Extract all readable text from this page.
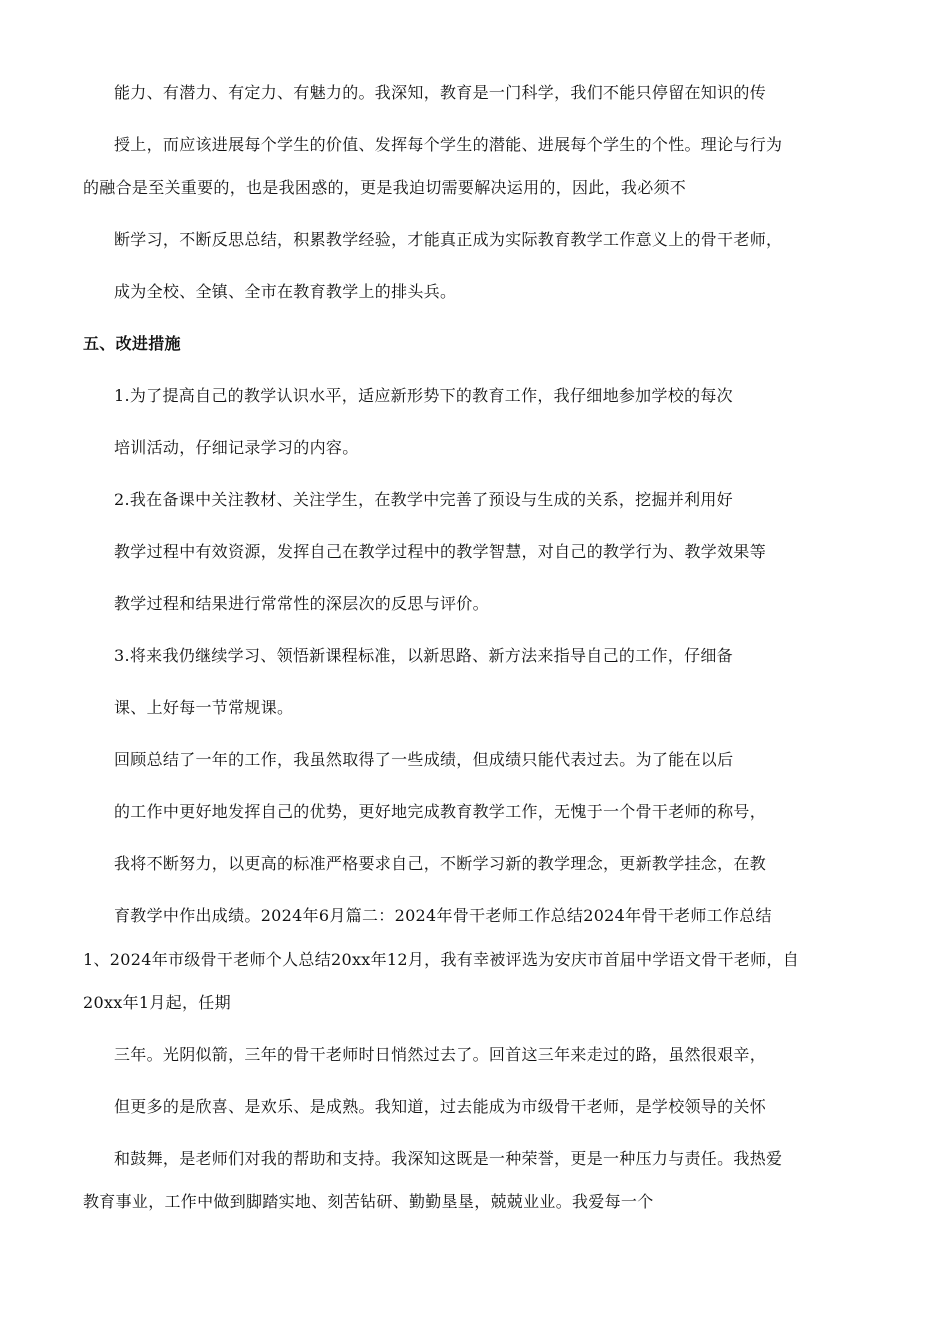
能力、有潜力、有定力、有魅力的。我深知，教育是一门科学，我们不能只停留在知识的传
授上，而应该进展每个学生的价值、发挥每个学生的潜能、进展每个学生的个性。理论与行为
的融合是至关重要的，也是我困惑的，更是我迫切需要解决运用的，因此，我必须不
断学习，不断反思总结，积累教学经验，才能真正成为实际教育教学工作意义上的骨干老师，
成为全校、全镇、全市在教育教学上的排头兵。
五、改进措施
1.为了提高自己的教学认识水平，适应新形势下的教育工作，我仔细地参加学校的每次
培训活动，仔细记录学习的内容。
2.我在备课中关注教材、关注学生，在教学中完善了预设与生成的关系，挖掘并利用好
教学过程中有效资源，发挥自己在教学过程中的教学智慧，对自己的教学行为、教学效果等
教学过程和结果进行常常性的深层次的反思与评价。
3.将来我仍继续学习、领悟新课程标准，以新思路、新方法来指导自己的工作，仔细备
课、上好每一节常规课。
回顾总结了一年的工作，我虽然取得了一些成绩，但成绩只能代表过去。为了能在以后
的工作中更好地发挥自己的优势，更好地完成教育教学工作，无愧于一个骨干老师的称号，
我将不断努力，以更高的标准严格要求自己，不断学习新的教学理念，更新教学挂念，在教
育教学中作出成绩。2024年6月篇二：2024年骨干老师工作总结2024年骨干老师工作总结
1、2024年市级骨干老师个人总结20xx年12月，我有幸被评选为安庆市首届中学语文骨干老师，自
20xx年1月起，任期
三年。光阴似箭，三年的骨干老师时日悄然过去了。回首这三年来走过的路，虽然很艰辛，
但更多的是欣喜、是欢乐、是成熟。我知道，过去能成为市级骨干老师，是学校领导的关怀
和鼓舞，是老师们对我的帮助和支持。我深知这既是一种荣誉，更是一种压力与责任。我热爱
教育事业，工作中做到脚踏实地、刻苦钻研、勤勤垦垦，兢兢业业。我爱每一个
